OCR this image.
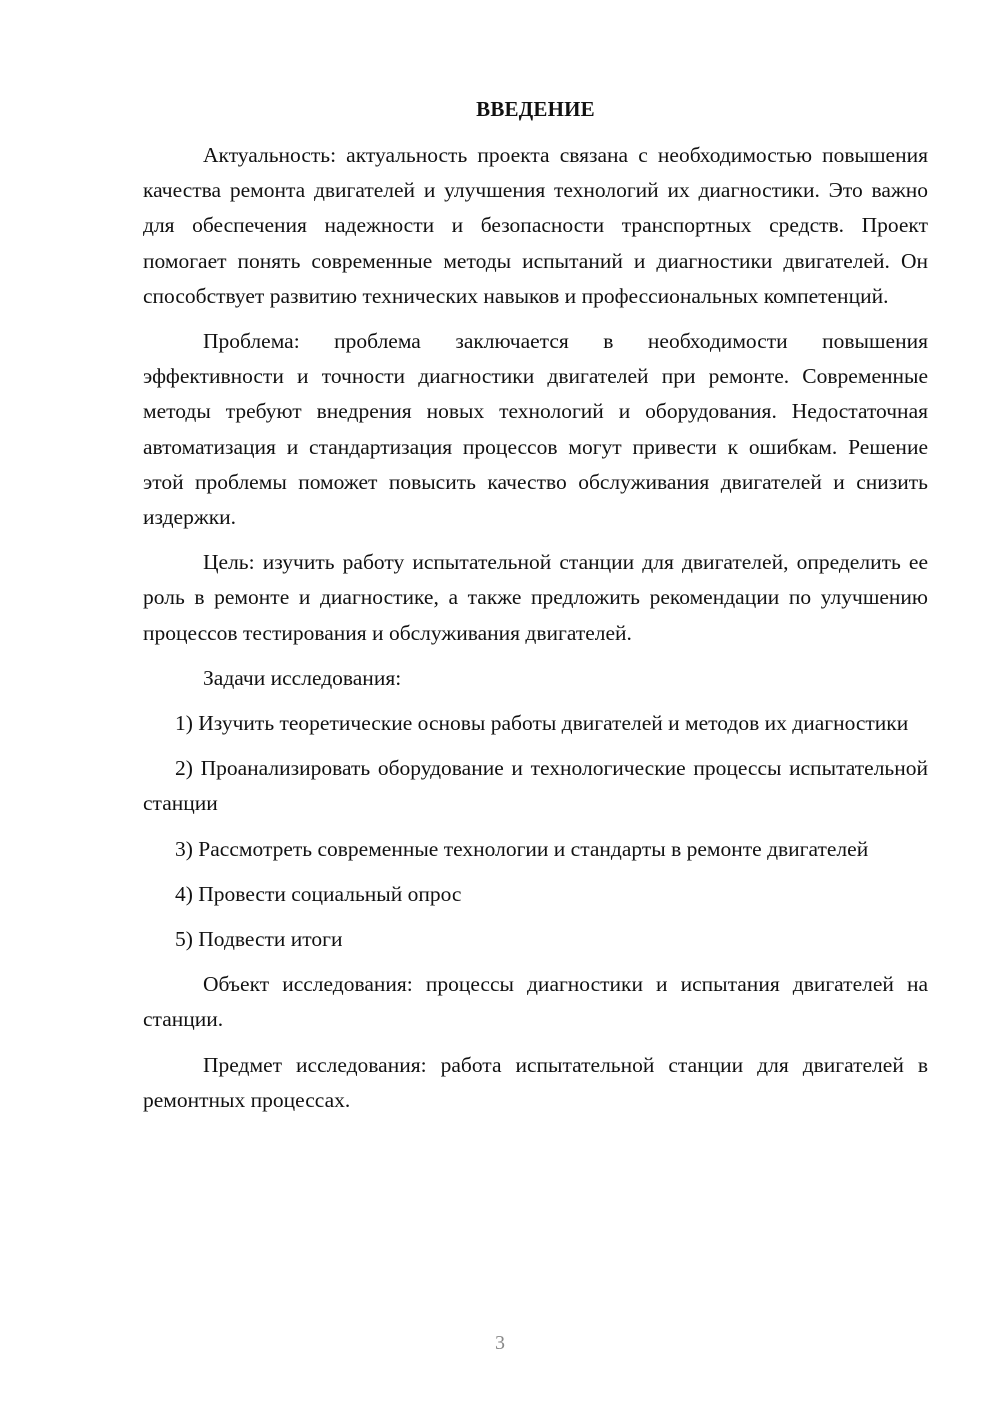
ВВЕДЕНИЕ

Актуальность: актуальность проекта связана с необходимостью повышения качества ремонта двигателей и улучшения технологий их диагностики. Это важно для обеспечения надежности и безопасности транспортных средств. Проект помогает понять современные методы испытаний и диагностики двигателей. Он способствует развитию технических навыков и профессиональных компетенций.

Проблема: проблема заключается в необходимости повышения эффективности и точности диагностики двигателей при ремонте. Современные методы требуют внедрения новых технологий и оборудования. Недостаточная автоматизация и стандартизация процессов могут привести к ошибкам. Решение этой проблемы поможет повысить качество обслуживания двигателей и снизить издержки.

Цель: изучить работу испытательной станции для двигателей, определить ее роль в ремонте и диагностике, а также предложить рекомендации по улучшению процессов тестирования и обслуживания двигателей.

Задачи исследования:

1) Изучить теоретические основы работы двигателей и методов их диагностики

2) Проанализировать оборудование и технологические процессы испытательной станции

3) Рассмотреть современные технологии и стандарты в ремонте двигателей

4) Провести социальный опрос

5) Подвести итоги

Объект исследования: процессы диагностики и испытания двигателей на станции.

Предмет исследования: работа испытательной станции для двигателей в ремонтных процессах.

3
